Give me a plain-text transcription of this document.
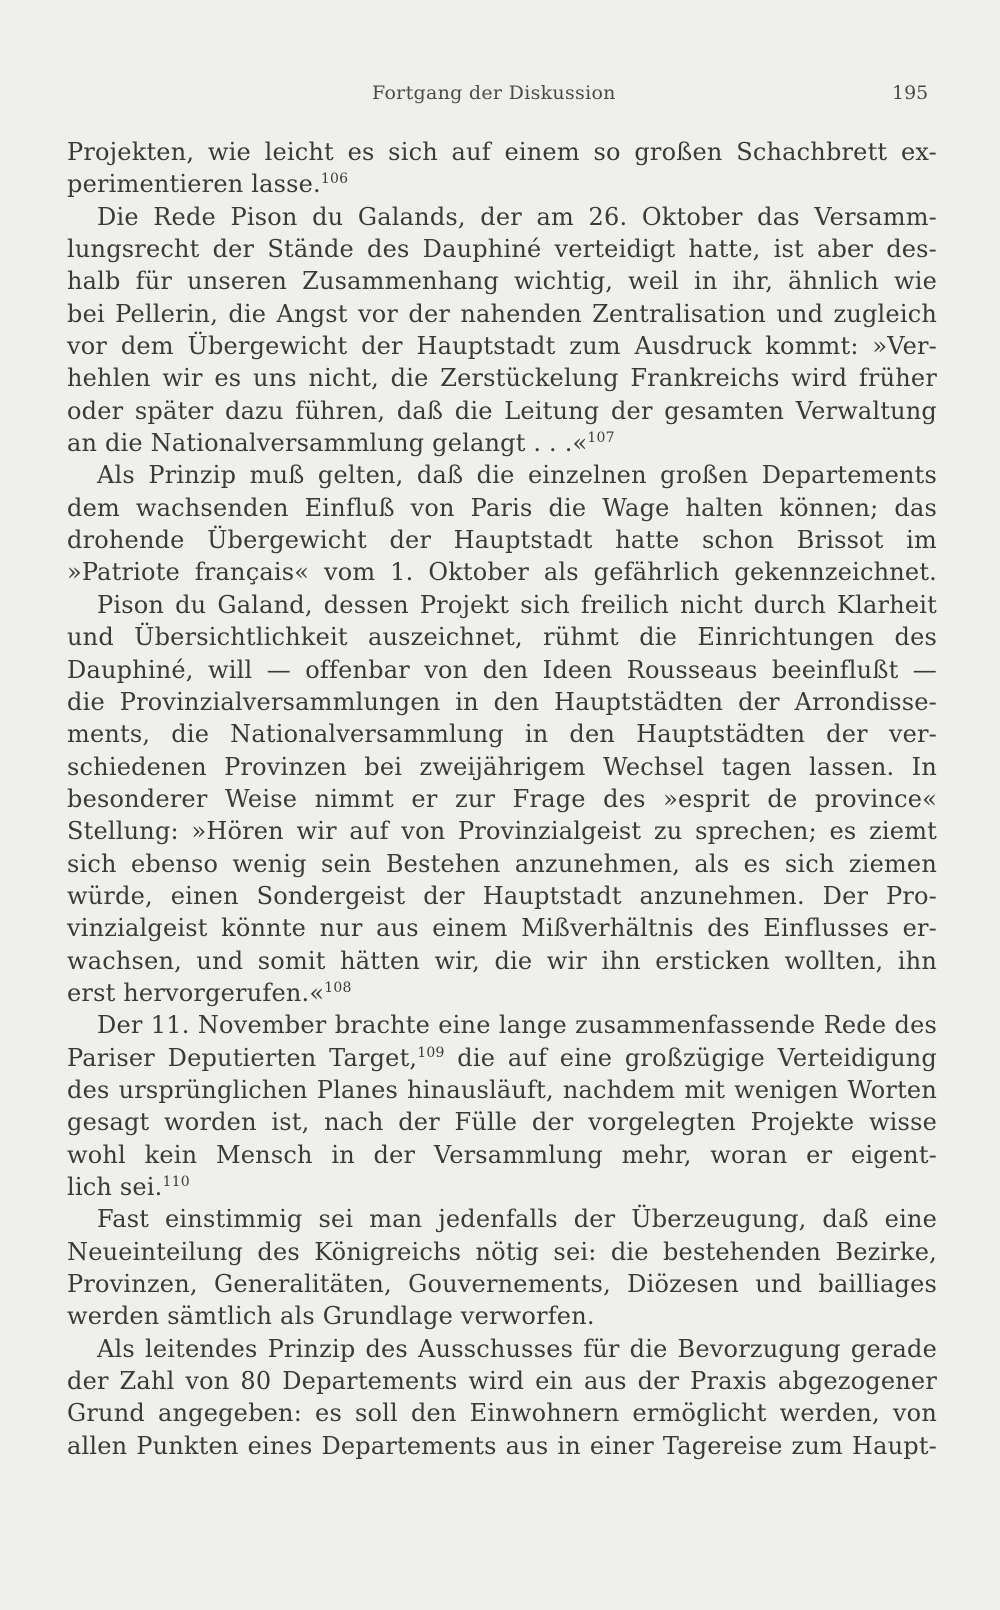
Fortgang der Diskussion	195
Projekten, wie leicht es sich auf einem so großen Schachbrett ex-
perimentieren lasse.$^{106}$
Die Rede Pison du Galands, der am 26. Oktober das Versamm-
lungsrecht der Stände des Dauphiné verteidigt hatte, ist aber des-
halb für unseren Zusammenhang wichtig, weil in ihr, ähnlich wie
bei Pellerin, die Angst vor der nahenden Zentralisation und zugleich
vor dem Übergewicht der Hauptstadt zum Ausdruck kommt: »Ver-
hehlen wir es uns nicht, die Zerstückelung Frankreichs wird früher
oder später dazu führen, daß die Leitung der gesamten Verwaltung
an die Nationalversammlung gelangt . . .«$^{107}$
Als Prinzip muß gelten, daß die einzelnen großen Departements
dem wachsenden Einfluß von Paris die Wage halten können; das
drohende Übergewicht der Hauptstadt hatte schon Brissot im
»Patriote français« vom 1. Oktober als gefährlich gekennzeichnet.
Pison du Galand, dessen Projekt sich freilich nicht durch Klarheit
und Übersichtlichkeit auszeichnet, rühmt die Einrichtungen des
Dauphiné, will — offenbar von den Ideen Rousseaus beeinflußt —
die Provinzialversammlungen in den Hauptstädten der Arrondisse-
ments, die Nationalversammlung in den Hauptstädten der ver-
schiedenen Provinzen bei zweijährigem Wechsel tagen lassen. In
besonderer Weise nimmt er zur Frage des »esprit de province«
Stellung: »Hören wir auf von Provinzialgeist zu sprechen; es ziemt
sich ebenso wenig sein Bestehen anzunehmen, als es sich ziemen
würde, einen Sondergeist der Hauptstadt anzunehmen. Der Pro-
vinzialgeist könnte nur aus einem Mißverhältnis des Einflusses er-
wachsen, und somit hätten wir, die wir ihn ersticken wollten, ihn
erst hervorgerufen.«$^{108}$
Der 11. November brachte eine lange zusammenfassende Rede des
Pariser Deputierten Target,$^{109}$ die auf eine großzügige Verteidigung
des ursprünglichen Planes hinausläuft, nachdem mit wenigen Worten
gesagt worden ist, nach der Fülle der vorgelegten Projekte wisse
wohl kein Mensch in der Versammlung mehr, woran er eigent-
lich sei.$^{110}$
Fast einstimmig sei man jedenfalls der Überzeugung, daß eine
Neueinteilung des Königreichs nötig sei: die bestehenden Bezirke,
Provinzen, Generalitäten, Gouvernements, Diözesen und bailliages
werden sämtlich als Grundlage verworfen.
Als leitendes Prinzip des Ausschusses für die Bevorzugung gerade
der Zahl von 80 Departements wird ein aus der Praxis abgezogener
Grund angegeben: es soll den Einwohnern ermöglicht werden, von
allen Punkten eines Departements aus in einer Tagereise zum Haupt-
